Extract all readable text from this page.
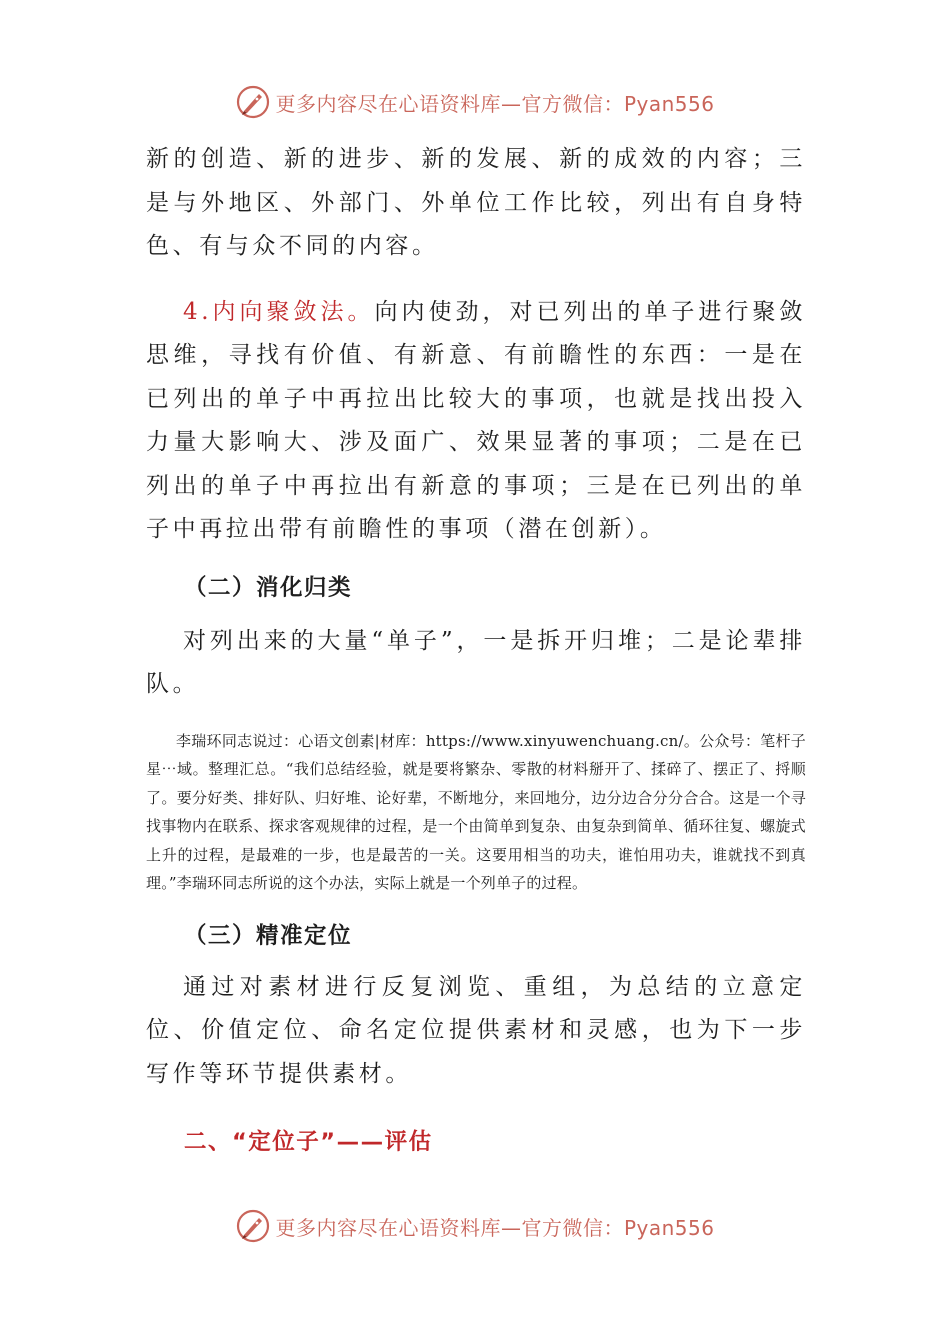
更多内容尽在心语资料库—官方微信：Pyan556

新的创造、新的进步、新的发展、新的成效的内容；三是与外地区、外部门、外单位工作比较，列出有自身特色、有与众不同的内容。

4.内向聚敛法。向内使劲，对已列出的单子进行聚敛思维，寻找有价值、有新意、有前瞻性的东西：一是在已列出的单子中再拉出比较大的事项，也就是找出投入力量大影响大、涉及面广、效果显著的事项；二是在已列出的单子中再拉出有新意的事项；三是在已列出的单子中再拉出带有前瞻性的事项（潜在创新）。

（二）消化归类

对列出来的大量“单子”，一是拆开归堆；二是论辈排队。

李瑞环同志说过：心语文创素|材库：https://www.xinyuwenchuang.cn/。公众号：笔杆子星⋯域。整理汇总。“我们总结经验，就是要将繁杂、零散的材料掰开了、揉碎了、摆正了、捋顺了。要分好类、排好队、归好堆、论好辈，不断地分，来回地分，边分边合分分合合。这是一个寻找事物内在联系、探求客观规律的过程，是一个由简单到复杂、由复杂到简单、循环往复、螺旋式上升的过程，是最难的一步，也是最苦的一关。这要用相当的功夫，谁怕用功夫，谁就找不到真理。”李瑞环同志所说的这个办法，实际上就是一个列单子的过程。

（三）精准定位

通过对素材进行反复浏览、重组，为总结的立意定位、价值定位、命名定位提供素材和灵感，也为下一步写作等环节提供素材。

二、“定位子”——评估
更多内容尽在心语资料库—官方微信：Pyan556
